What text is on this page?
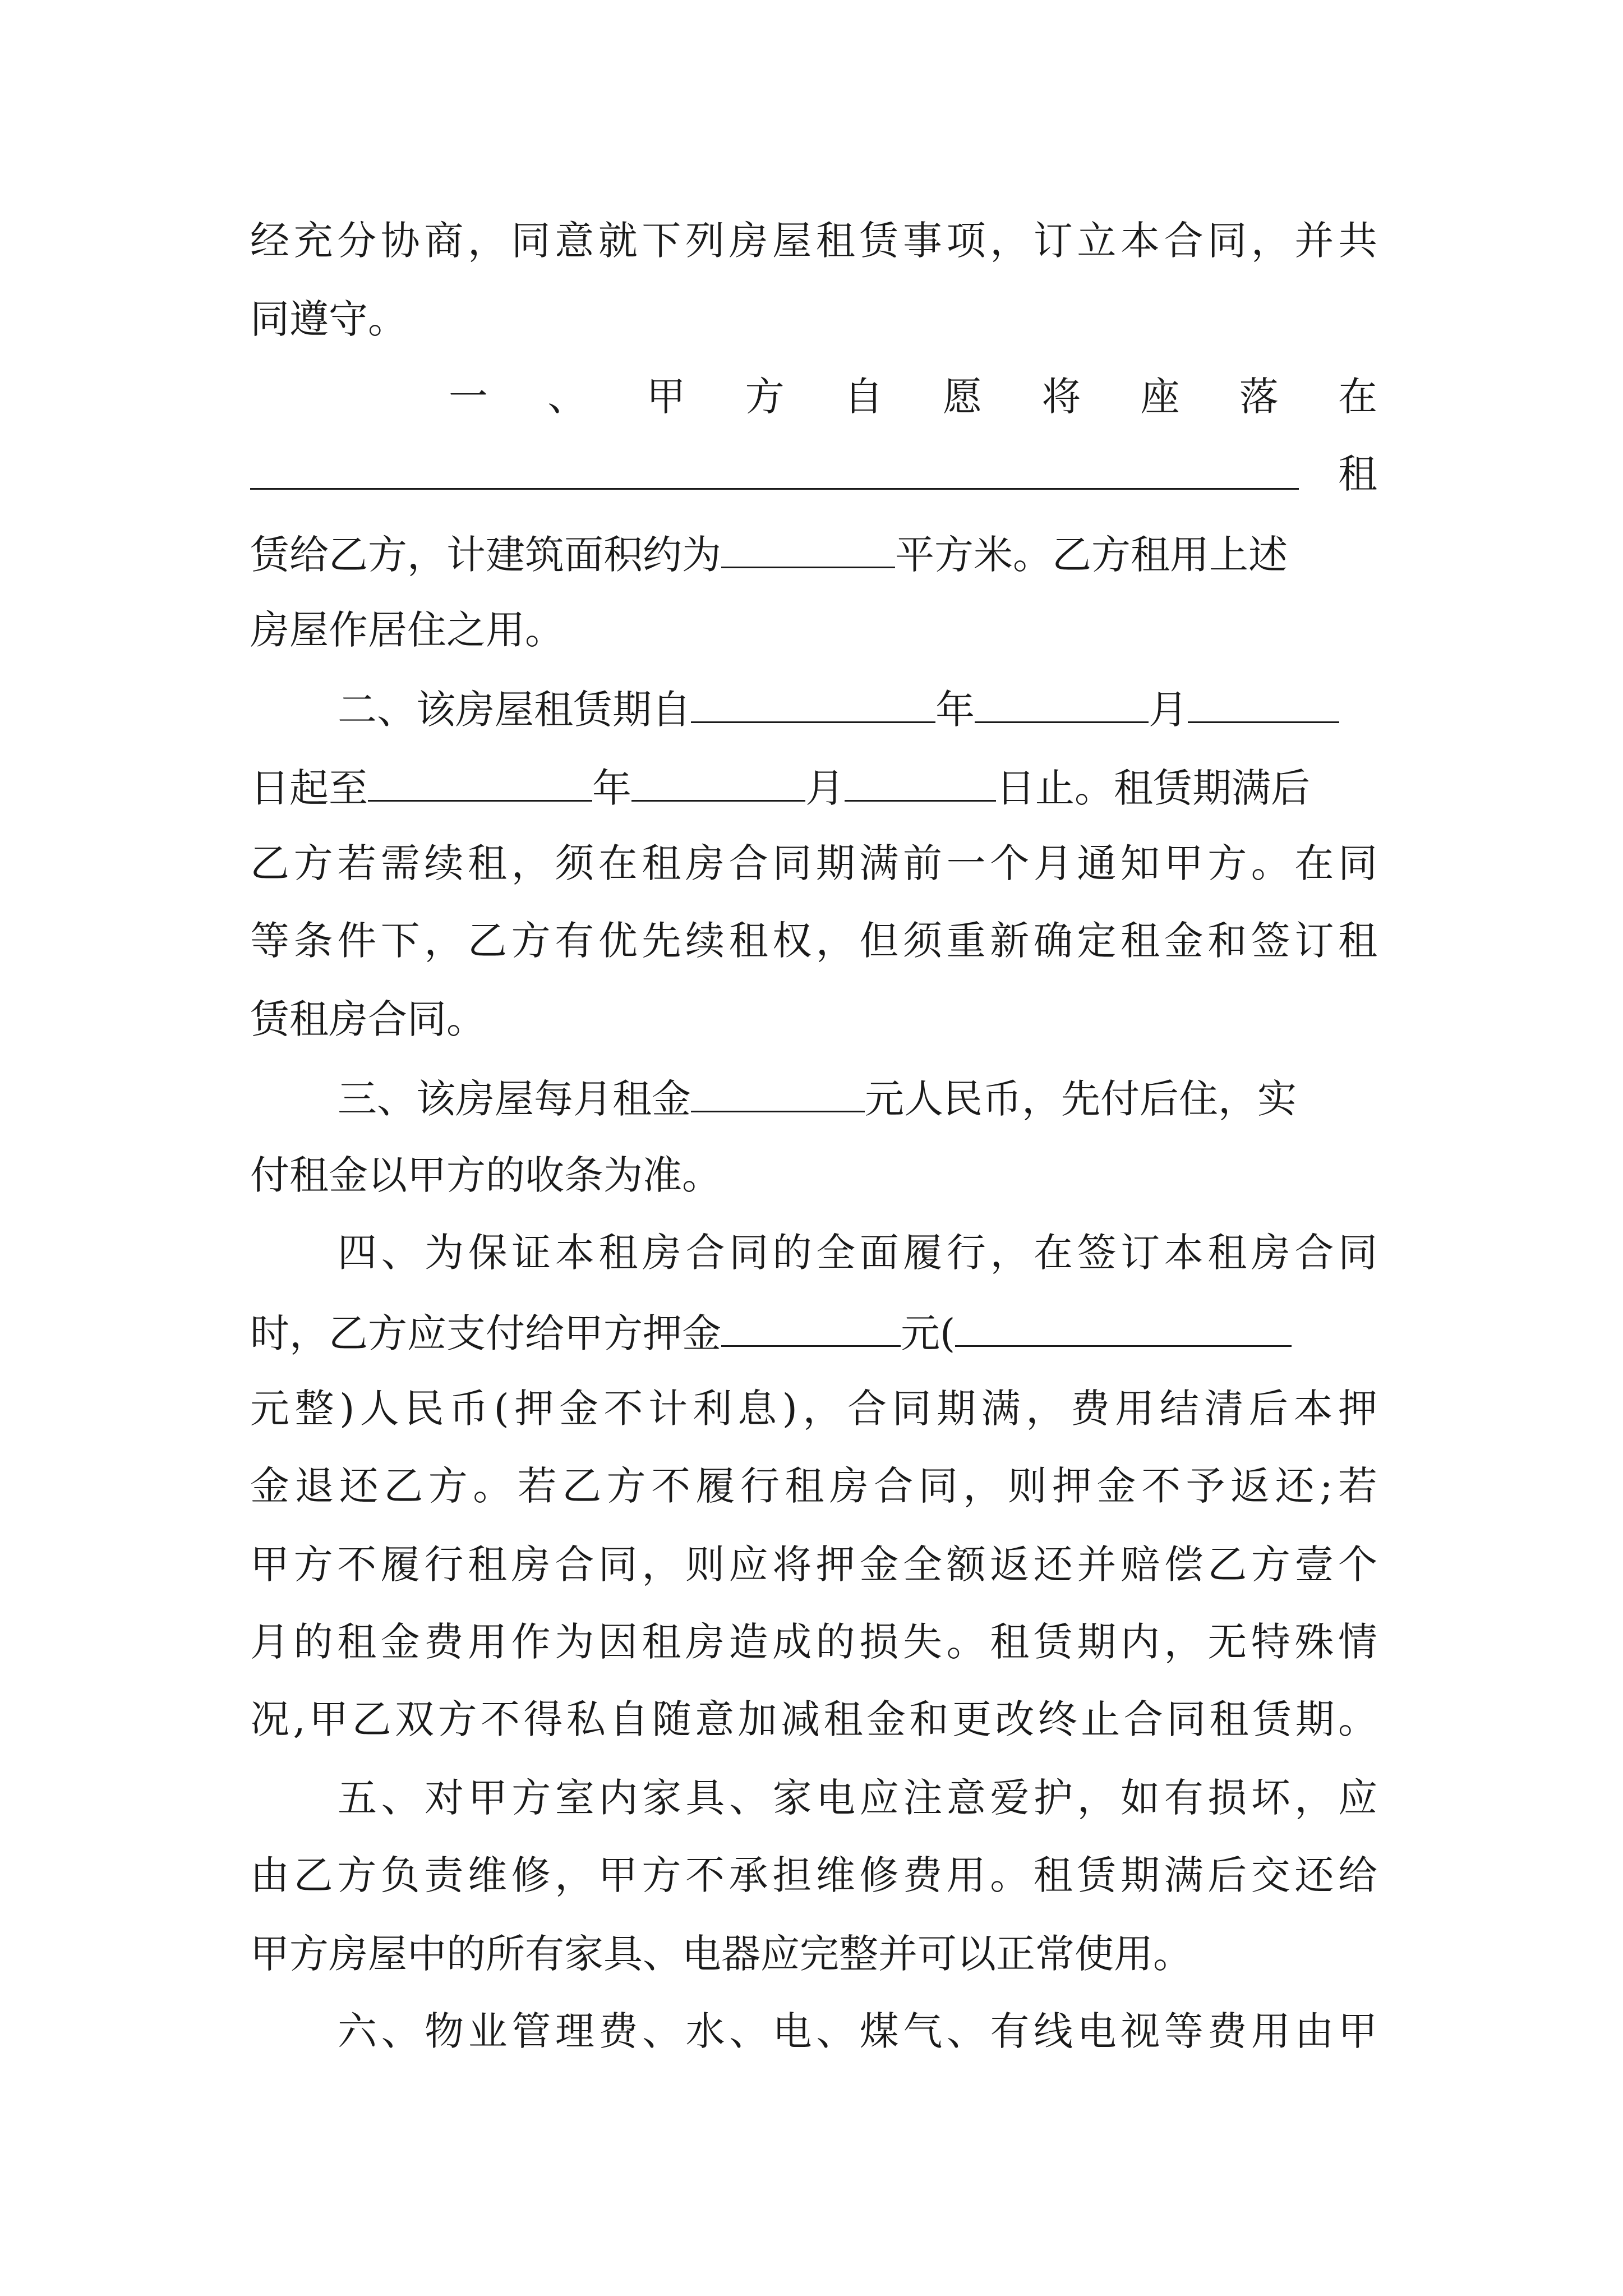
经充分协商，同意就下列房屋租赁事项，订立本合同，并共
同遵守。
一、甲方自愿将座落在
租
赁给乙方，计建筑面积约为	平方米。乙方租用上述
房屋作居住之用。
二、该房屋租赁期自	年	月
日起至	年	月	日止。租赁期满后
乙方若需续租，须在租房合同期满前一个月通知甲方。在同
等条件下，乙方有优先续租权，但须重新确定租金和签订租
赁租房合同。
三、该房屋每月租金	元人民币，先付后住，实
付租金以甲方的收条为准。
四、为保证本租房合同的全面履行，在签订本租房合同
时，乙方应支付给甲方押金	元(
元整)人民币(押金不计利息)，合同期满，费用结清后本押
金退还乙方。若乙方不履行租房合同，则押金不予返还;若
甲方不履行租房合同，则应将押金全额返还并赔偿乙方壹个
月的租金费用作为因租房造成的损失。租赁期内，无特殊情
况,甲乙双方不得私自随意加减租金和更改终止合同租赁期。
五、对甲方室内家具、家电应注意爱护，如有损坏，应
由乙方负责维修，甲方不承担维修费用。租赁期满后交还给
甲方房屋中的所有家具、电器应完整并可以正常使用。
六、物业管理费、水、电、煤气、有线电视等费用由甲
